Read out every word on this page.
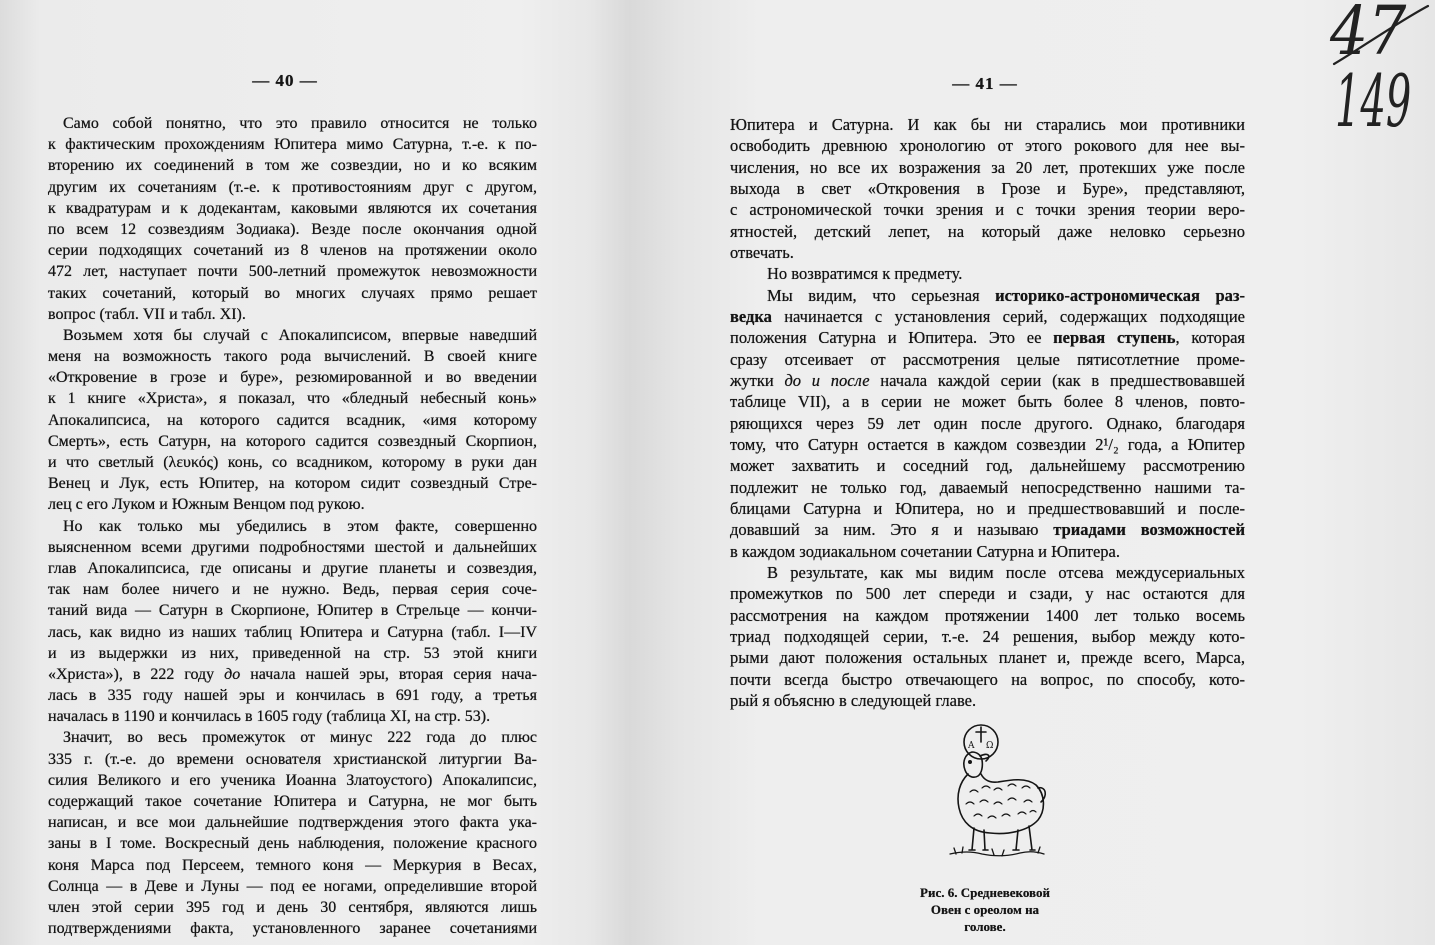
— 40 —
Само собой понятно, что это правило относится не только
к фактическим прохождениям Юпитера мимо Сатурна, т.-е. к по-
вторению их соединений в том же созвездии, но и ко всяким
другим их сочетаниям (т.-е. к противостояниям друг с другом,
к квадратурам и к додекантам, каковыми являются их сочетания
по всем 12 созвездиям Зодиака). Везде после окончания одной
серии подходящих сочетаний из 8 членов на протяжении около
472 лет, наступает почти 500-летний промежуток невозможности
таких сочетаний, который во многих случаях прямо решает
вопрос (табл. VII и табл. XI).
Возьмем хотя бы случай с Апокалипсисом, впервые наведший
меня на возможность такого рода вычислений. В своей книге
«Откровение в грозе и буре», резюмированной и во введении
к 1 книге «Христа», я показал, что «бледный небесный конь»
Апокалипсиса, на которого садится всадник, «имя которому
Смерть», есть Сатурн, на которого садится созвездный Скорпион,
и что светлый (λευκός) конь, со всадником, которому в руки дан
Венец и Лук, есть Юпитер, на котором сидит созвездный Стре-
лец с его Луком и Южным Венцом под рукою.
Но как только мы убедились в этом факте, совершенно
выясненном всеми другими подробностями шестой и дальнейших
глав Апокалипсиса, где описаны и другие планеты и созвездия,
так нам более ничего и не нужно. Ведь, первая серия соче-
таний вида — Сатурн в Скорпионе, Юпитер в Стрельце — кончи-
лась, как видно из наших таблиц Юпитера и Сатурна (табл. I—IV
и из выдержки из них, приведенной на стр. 53 этой книги
«Христа»), в 222 году до начала нашей эры, вторая серия нача-
лась в 335 году нашей эры и кончилась в 691 году, а третья
началась в 1190 и кончилась в 1605 году (таблица XI, на стр. 53).
Значит, во весь промежуток от минус 222 года до плюс
335 г. (т.-е. до времени основателя христианской литургии Ва-
силия Великого и его ученика Иоанна Златоустого) Апокалипсис,
содержащий такое сочетание Юпитера и Сатурна, не мог быть
написан, и все мои дальнейшие подтверждения этого факта ука-
заны в I томе. Воскресный день наблюдения, положение красного
коня Марса под Персеем, темного коня — Меркурия в Весах,
Солнца — в Деве и Луны — под ее ногами, определившие второй
член этой серии 395 год и день 30 сентября, являются лишь
подтверждениями факта, установленного заранее сочетаниями
— 41 —
Юпитера и Сатурна. И как бы ни старались мои противники
освободить древнюю хронологию от этого рокового для нее вы-
числения, но все их возражения за 20 лет, протекших уже после
выхода в свет «Откровения в Грозе и Буре», представляют,
с астрономической точки зрения и с точки зрения теории веро-
ятностей, детский лепет, на который даже неловко серьезно
отвечать.
Но возвратимся к предмету.
Мы видим, что серьезная историко-астрономическая раз-
ведка начинается с установления серий, содержащих подходящие
положения Сатурна и Юпитера. Это ее первая ступень, которая
сразу отсеивает от рассмотрения целые пятисотлетние проме-
жутки до и после начала каждой серии (как в предшествовавшей
таблице VII), а в серии не может быть более 8 членов, повто-
ряющихся через 59 лет один после другого. Однако, благодаря
тому, что Сатурн остается в каждом созвездии 2¹/₂ года, а Юпитер
может захватить и соседний год, дальнейшему рассмотрению
подлежит не только год, даваемый непосредственно нашими та-
блицами Сатурна и Юпитера, но и предшествовавший и после-
довавший за ним. Это я и называю триадами возможностей
в каждом зодиакальном сочетании Сатурна и Юпитера.
В результате, как мы видим после отсева междусериальных
промежутков по 500 лет спереди и сзади, у нас остаются для
рассмотрения на каждом протяжении 1400 лет только восемь
триад подходящей серии, т.-е. 24 решения, выбор между кото-
рыми дают положения остальных планет и, прежде всего, Марса,
почти всегда быстро отвечающего на вопрос, по способу, кото-
рый я объясню в следующей главе.
Α Ω
Рис. 6. Средневековой
Овен с ореолом на
голове.
47
149
